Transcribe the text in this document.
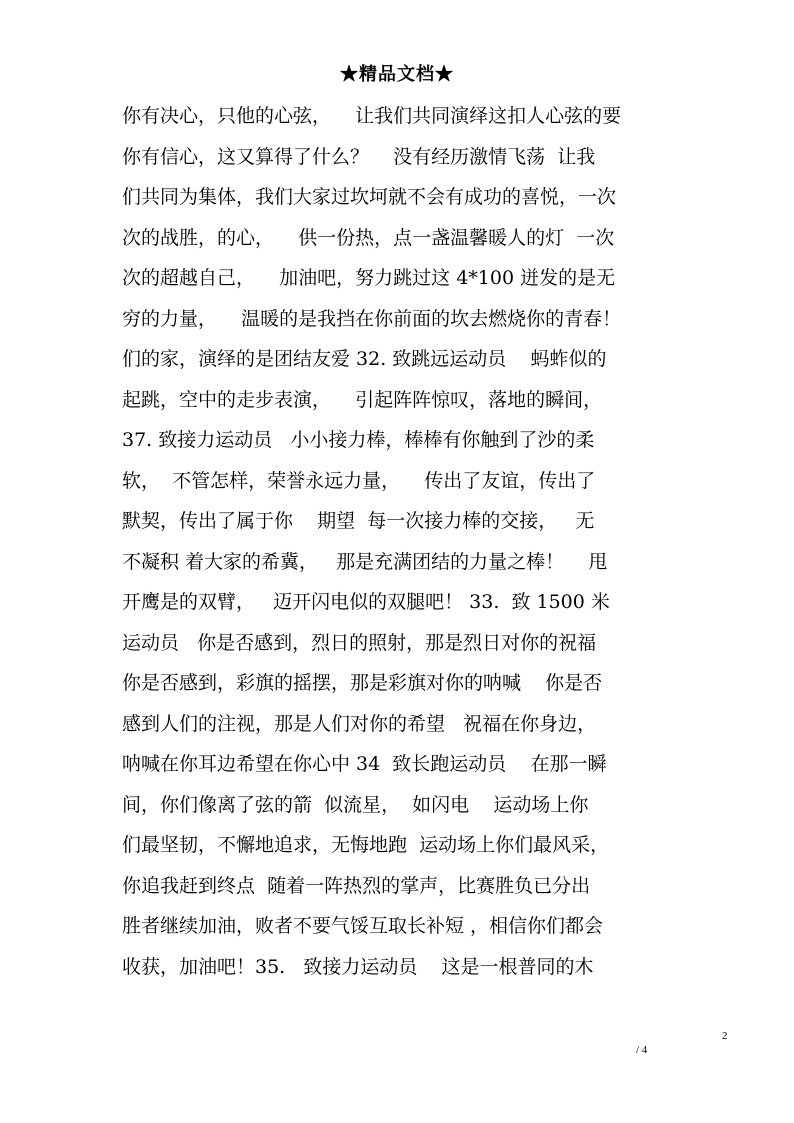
★精品文档★
你有决心，只他的心弦，    让我们共同演绎这扣人心弦的要
你有信心，这又算得了什么？    没有经历激情飞荡  让我
们共同为集体，我们大家过坎坷就不会有成功的喜悦，一次
次的战胜，的心，    供一份热，点一盏温馨暖人的灯  一次
次的超越自己，    加油吧，努力跳过这 4*100 迸发的是无
穷的力量，    温暖的是我挡在你前面的坎去燃烧你的青春！
们的家，演绎的是团结友爱 32. 致跳远运动员    蚂蚱似的
起跳，空中的走步表演，    引起阵阵惊叹，落地的瞬间，
37. 致接力运动员   小小接力棒，棒棒有你触到了沙的柔
软，  不管怎样，荣誉永远力量，    传出了友谊，传出了
默契，传出了属于你    期望  每一次接力棒的交接，   无
不凝积 着大家的希冀，   那是充满团结的力量之棒！    甩
开鹰是的双臂，   迈开闪电似的双腿吧！ 33.  致 1500 米
运动员   你是否感到，烈日的照射，那是烈日对你的祝福
你是否感到，彩旗的摇摆，那是彩旗对你的呐喊    你是否
感到人们的注视，那是人们对你的希望   祝福在你身边，
呐喊在你耳边希望在你心中 34  致长跑运动员    在那一瞬
间，你们像离了弦的箭  似流星，  如闪电    运动场上你
们最坚韧，不懈地追求，无悔地跑  运动场上你们最风采，
你追我赶到终点  随着一阵热烈的掌声，比赛胜负已分出
胜者继续加油，败者不要气馁互取长补短 ，相信你们都会
收获，加油吧！35.   致接力运动员    这是一根普同的木
2
/ 4
